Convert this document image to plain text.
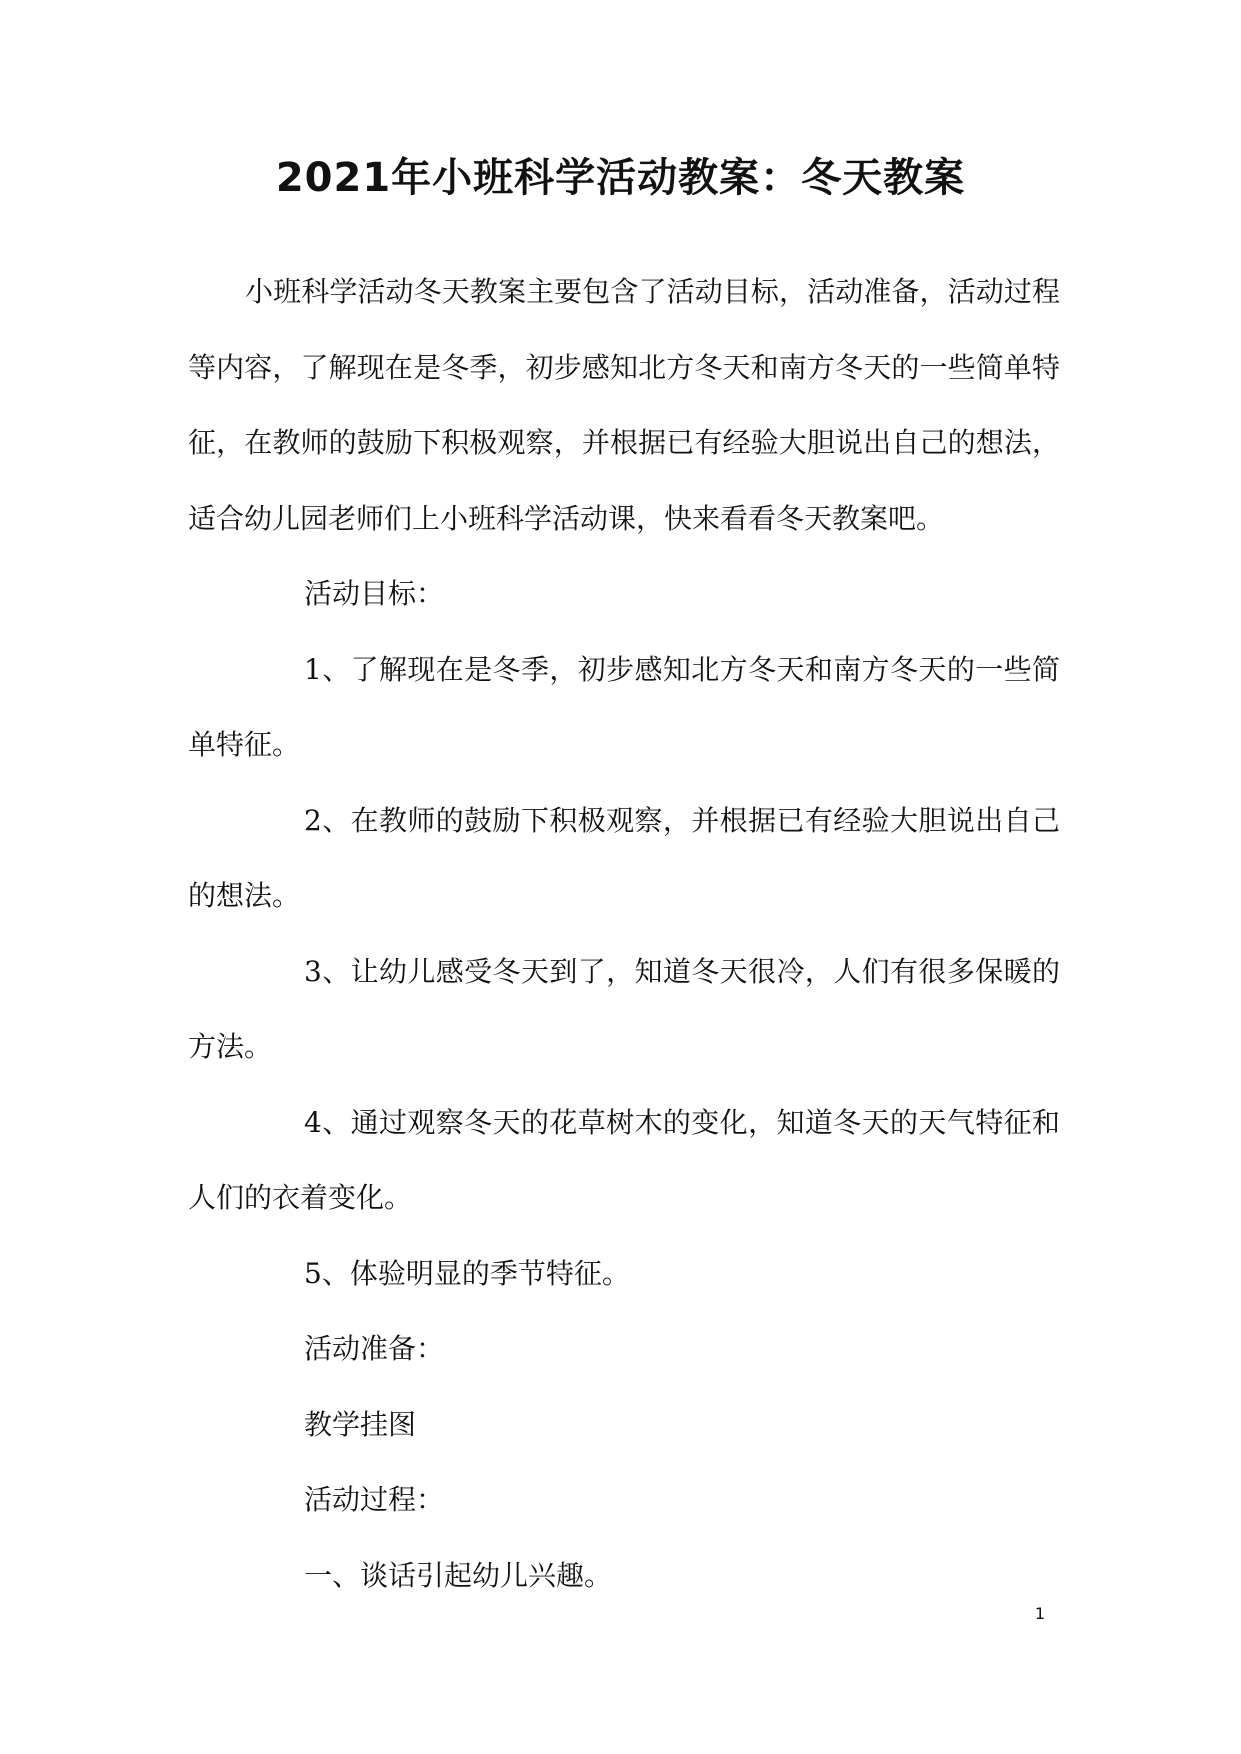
2021年小班科学活动教案：冬天教案

小班科学活动冬天教案主要包含了活动目标，活动准备，活动过程等内容，了解现在是冬季，初步感知北方冬天和南方冬天的一些简单特征，在教师的鼓励下积极观察，并根据已有经验大胆说出自己的想法，适合幼儿园老师们上小班科学活动课，快来看看冬天教案吧。

活动目标：

1、了解现在是冬季，初步感知北方冬天和南方冬天的一些简单特征。

2、在教师的鼓励下积极观察，并根据已有经验大胆说出自己的想法。

3、让幼儿感受冬天到了，知道冬天很冷，人们有很多保暖的方法。

4、通过观察冬天的花草树木的变化，知道冬天的天气特征和人们的衣着变化。

5、体验明显的季节特征。

活动准备：

教学挂图

活动过程：

一、谈话引起幼儿兴趣。

1
